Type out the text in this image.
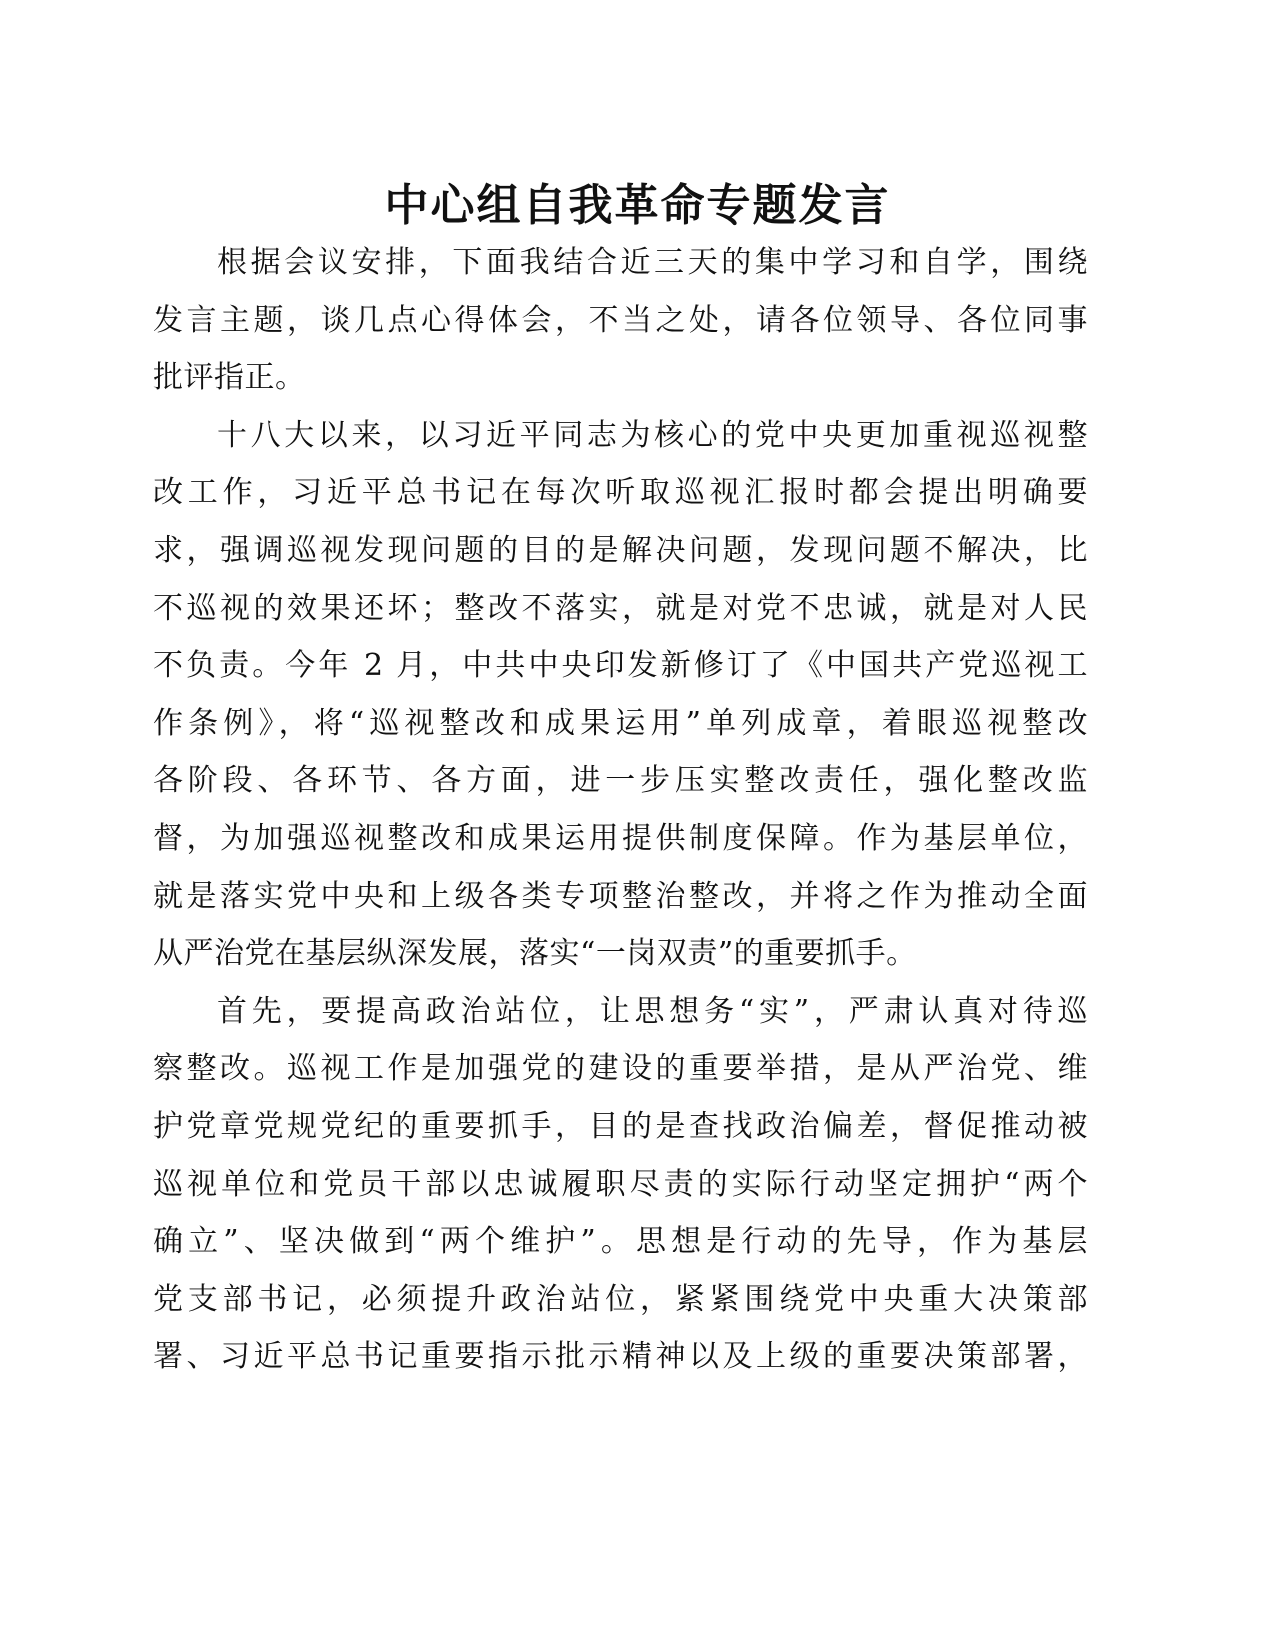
中心组自我革命专题发言
根据会议安排，下面我结合近三天的集中学习和自学，围绕
发言主题，谈几点心得体会，不当之处，请各位领导、各位同事
批评指正。
十八大以来，以习近平同志为核心的党中央更加重视巡视整
改工作，习近平总书记在每次听取巡视汇报时都会提出明确要
求，强调巡视发现问题的目的是解决问题，发现问题不解决，比
不巡视的效果还坏；整改不落实，就是对党不忠诚，就是对人民
不负责。今年 2 月，中共中央印发新修订了《中国共产党巡视工
作条例》，将“巡视整改和成果运用”单列成章，着眼巡视整改
各阶段、各环节、各方面，进一步压实整改责任，强化整改监
督，为加强巡视整改和成果运用提供制度保障。作为基层单位，
就是落实党中央和上级各类专项整治整改，并将之作为推动全面
从严治党在基层纵深发展，落实“一岗双责”的重要抓手。
首先，要提高政治站位，让思想务“实”，严肃认真对待巡
察整改。巡视工作是加强党的建设的重要举措，是从严治党、维
护党章党规党纪的重要抓手，目的是查找政治偏差，督促推动被
巡视单位和党员干部以忠诚履职尽责的实际行动坚定拥护“两个
确立”、坚决做到“两个维护”。思想是行动的先导，作为基层
党支部书记，必须提升政治站位，紧紧围绕党中央重大决策部
署、习近平总书记重要指示批示精神以及上级的重要决策部署，
